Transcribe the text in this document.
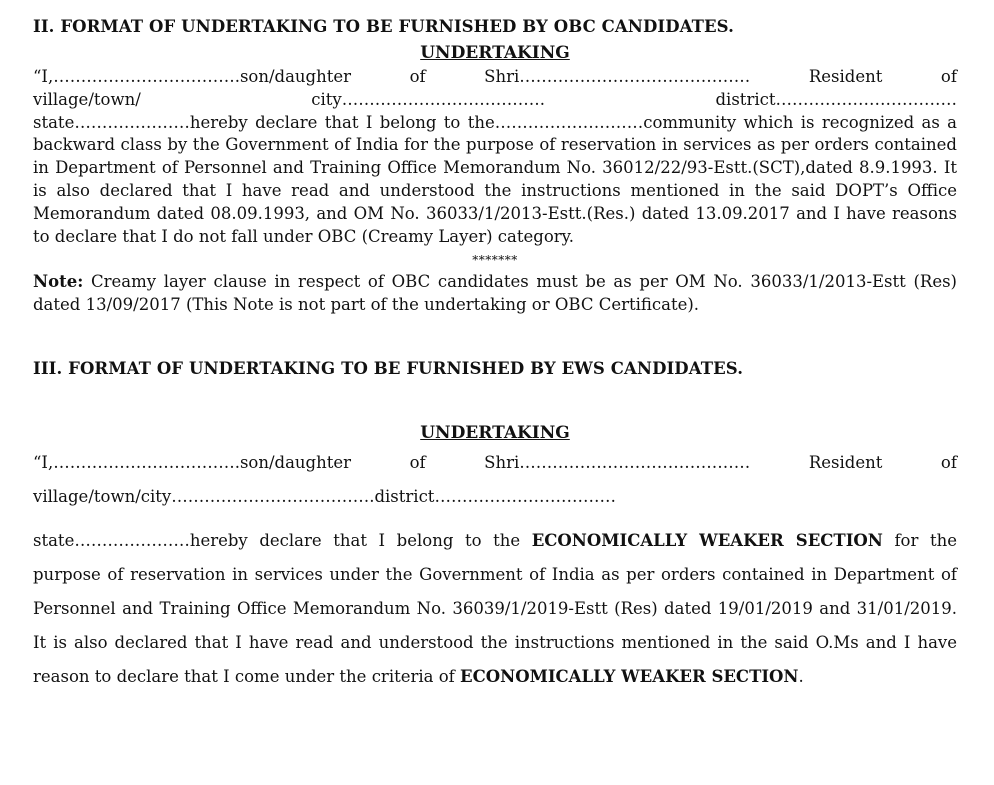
II. FORMAT OF UNDERTAKING TO BE FURNISHED BY OBC CANDIDATES.
UNDERTAKING
“I,…………………………….son/daughter	of	Shri……………………………………	Resident	of
village/town/	city……………………………….	district……………………………
state…………………hereby declare that I belong to the………………………community which is recognized as a backward class by the Government of India for the purpose of reservation in services as per orders contained in Department of Personnel and Training Office Memorandum No. 36012/22/93-Estt.(SCT),dated 8.9.1993. It is also declared that I have read and understood the instructions mentioned in the said DOPT’s Office Memorandum dated 08.09.1993, and OM No. 36033/1/2013-Estt.(Res.) dated 13.09.2017 and I have reasons to declare that I do not fall under OBC (Creamy Layer) category.
*******

Note: Creamy layer clause in respect of OBC candidates must be as per OM No. 36033/1/2013-Estt (Res) dated 13/09/2017 (This Note is not part of the undertaking or OBC Certificate).

III. FORMAT OF UNDERTAKING TO BE FURNISHED BY EWS CANDIDATES.
UNDERTAKING
“I,…………………………….son/daughter	of	Shri……………………………………	Resident	of
village/town/city……………………………….district……………………………
state…………………hereby declare that I belong to the ECONOMICALLY WEAKER SECTION for the purpose of reservation in services under the Government of India as per orders contained in Department of Personnel and Training Office Memorandum No. 36039/1/2019-Estt (Res) dated 19/01/2019 and 31/01/2019. It is also declared that I have read and understood the instructions mentioned in the said O.Ms and I have reason to declare that I come under the criteria of ECONOMICALLY WEAKER SECTION.
